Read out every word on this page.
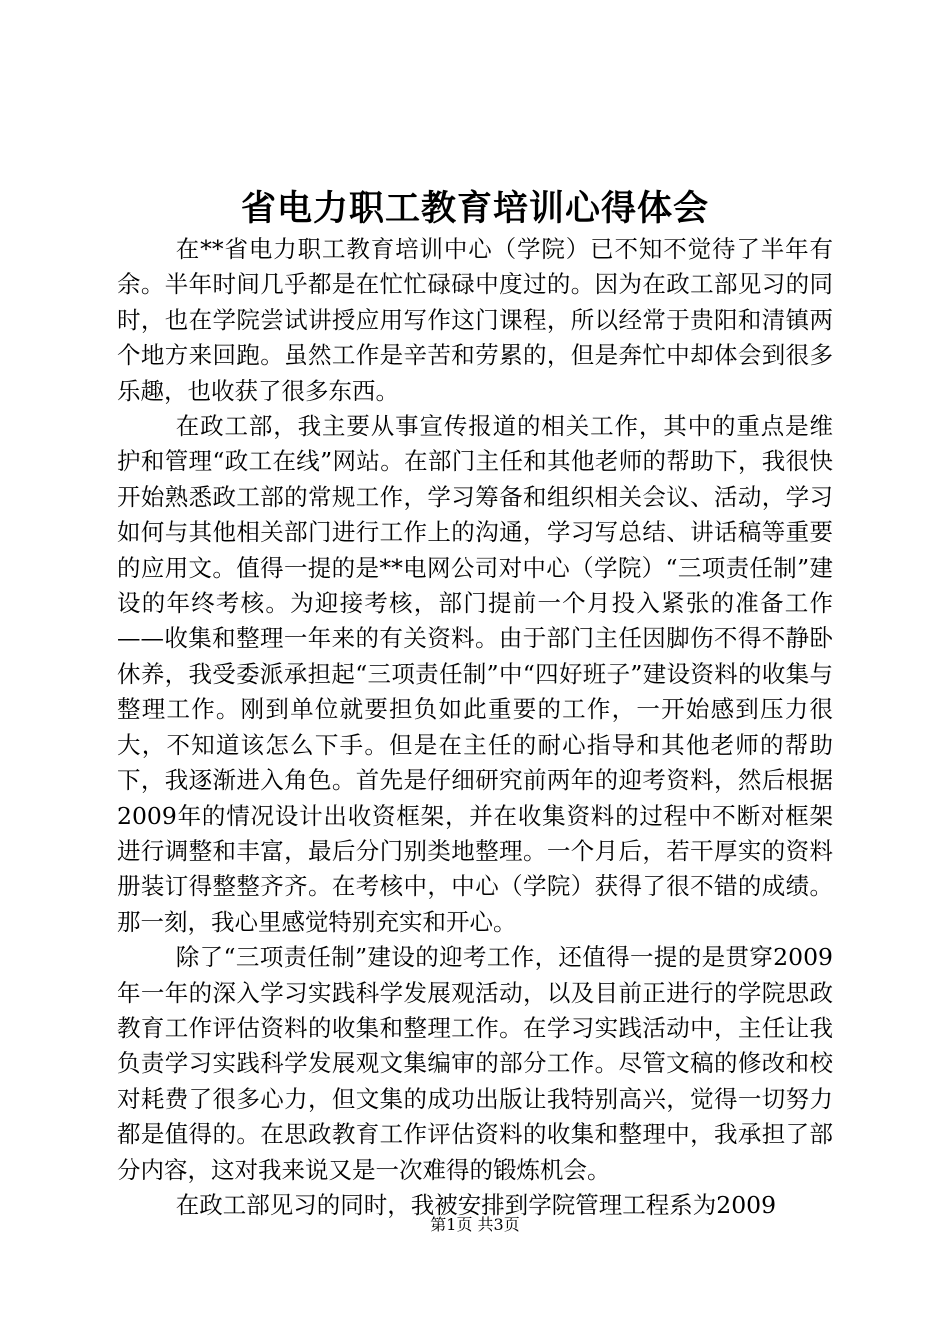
省电力职工教育培训心得体会

在**省电力职工教育培训中心（学院）已不知不觉待了半年有余。半年时间几乎都是在忙忙碌碌中度过的。因为在政工部见习的同时，也在学院尝试讲授应用写作这门课程，所以经常于贵阳和清镇两个地方来回跑。虽然工作是辛苦和劳累的，但是奔忙中却体会到很多乐趣，也收获了很多东西。

在政工部，我主要从事宣传报道的相关工作，其中的重点是维护和管理“政工在线”网站。在部门主任和其他老师的帮助下，我很快开始熟悉政工部的常规工作，学习筹备和组织相关会议、活动，学习如何与其他相关部门进行工作上的沟通，学习写总结、讲话稿等重要的应用文。值得一提的是**电网公司对中心（学院）“三项责任制”建设的年终考核。为迎接考核，部门提前一个月投入紧张的准备工作——收集和整理一年来的有关资料。由于部门主任因脚伤不得不静卧休养，我受委派承担起“三项责任制”中“四好班子”建设资料的收集与整理工作。刚到单位就要担负如此重要的工作，一开始感到压力很大，不知道该怎么下手。但是在主任的耐心指导和其他老师的帮助下，我逐渐进入角色。首先是仔细研究前两年的迎考资料，然后根据2009年的情况设计出收资框架，并在收集资料的过程中不断对框架进行调整和丰富，最后分门别类地整理。一个月后，若干厚实的资料册装订得整整齐齐。在考核中，中心（学院）获得了很不错的成绩。那一刻，我心里感觉特别充实和开心。

除了“三项责任制”建设的迎考工作，还值得一提的是贯穿2009年一年的深入学习实践科学发展观活动，以及目前正进行的学院思政教育工作评估资料的收集和整理工作。在学习实践活动中，主任让我负责学习实践科学发展观文集编审的部分工作。尽管文稿的修改和校对耗费了很多心力，但文集的成功出版让我特别高兴，觉得一切努力都是值得的。在思政教育工作评估资料的收集和整理中，我承担了部分内容，这对我来说又是一次难得的锻炼机会。

在政工部见习的同时，我被安排到学院管理工程系为2009

第1页 共3页
